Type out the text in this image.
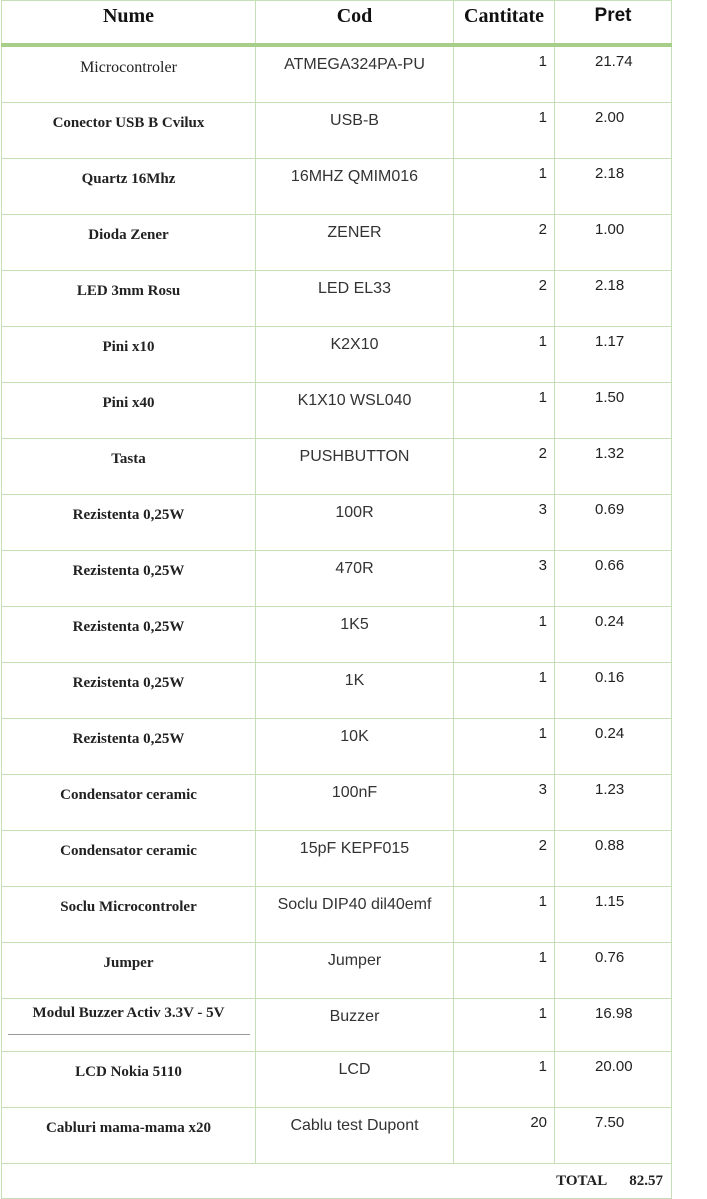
Nume	Cod	Cantitate	Pret
Microcontroler	ATMEGA324PA-PU	1	21.74
Conector USB B Cvilux	USB-B	1	2.00
Quartz 16Mhz	16MHZ QMIM016	1	2.18
Dioda Zener	ZENER	2	1.00
LED 3mm Rosu	LED EL33	2	2.18
Pini x10	K2X10	1	1.17
Pini x40	K1X10 WSL040	1	1.50
Tasta	PUSHBUTTON	2	1.32
Rezistenta 0,25W	100R	3	0.69
Rezistenta 0,25W	470R	3	0.66
Rezistenta 0,25W	1K5	1	0.24
Rezistenta 0,25W	1K	1	0.16
Rezistenta 0,25W	10K	1	0.24
Condensator ceramic	100nF	3	1.23
Condensator ceramic	15pF KEPF015	2	0.88
Soclu Microcontroler	Soclu DIP40 dil40emf	1	1.15
Jumper	Jumper	1	0.76
Modul Buzzer Activ 3.3V - 5V	Buzzer	1	16.98
LCD Nokia 5110	LCD	1	20.00
Cabluri mama-mama x20	Cablu test Dupont	20	7.50
TOTAL 82.57			
